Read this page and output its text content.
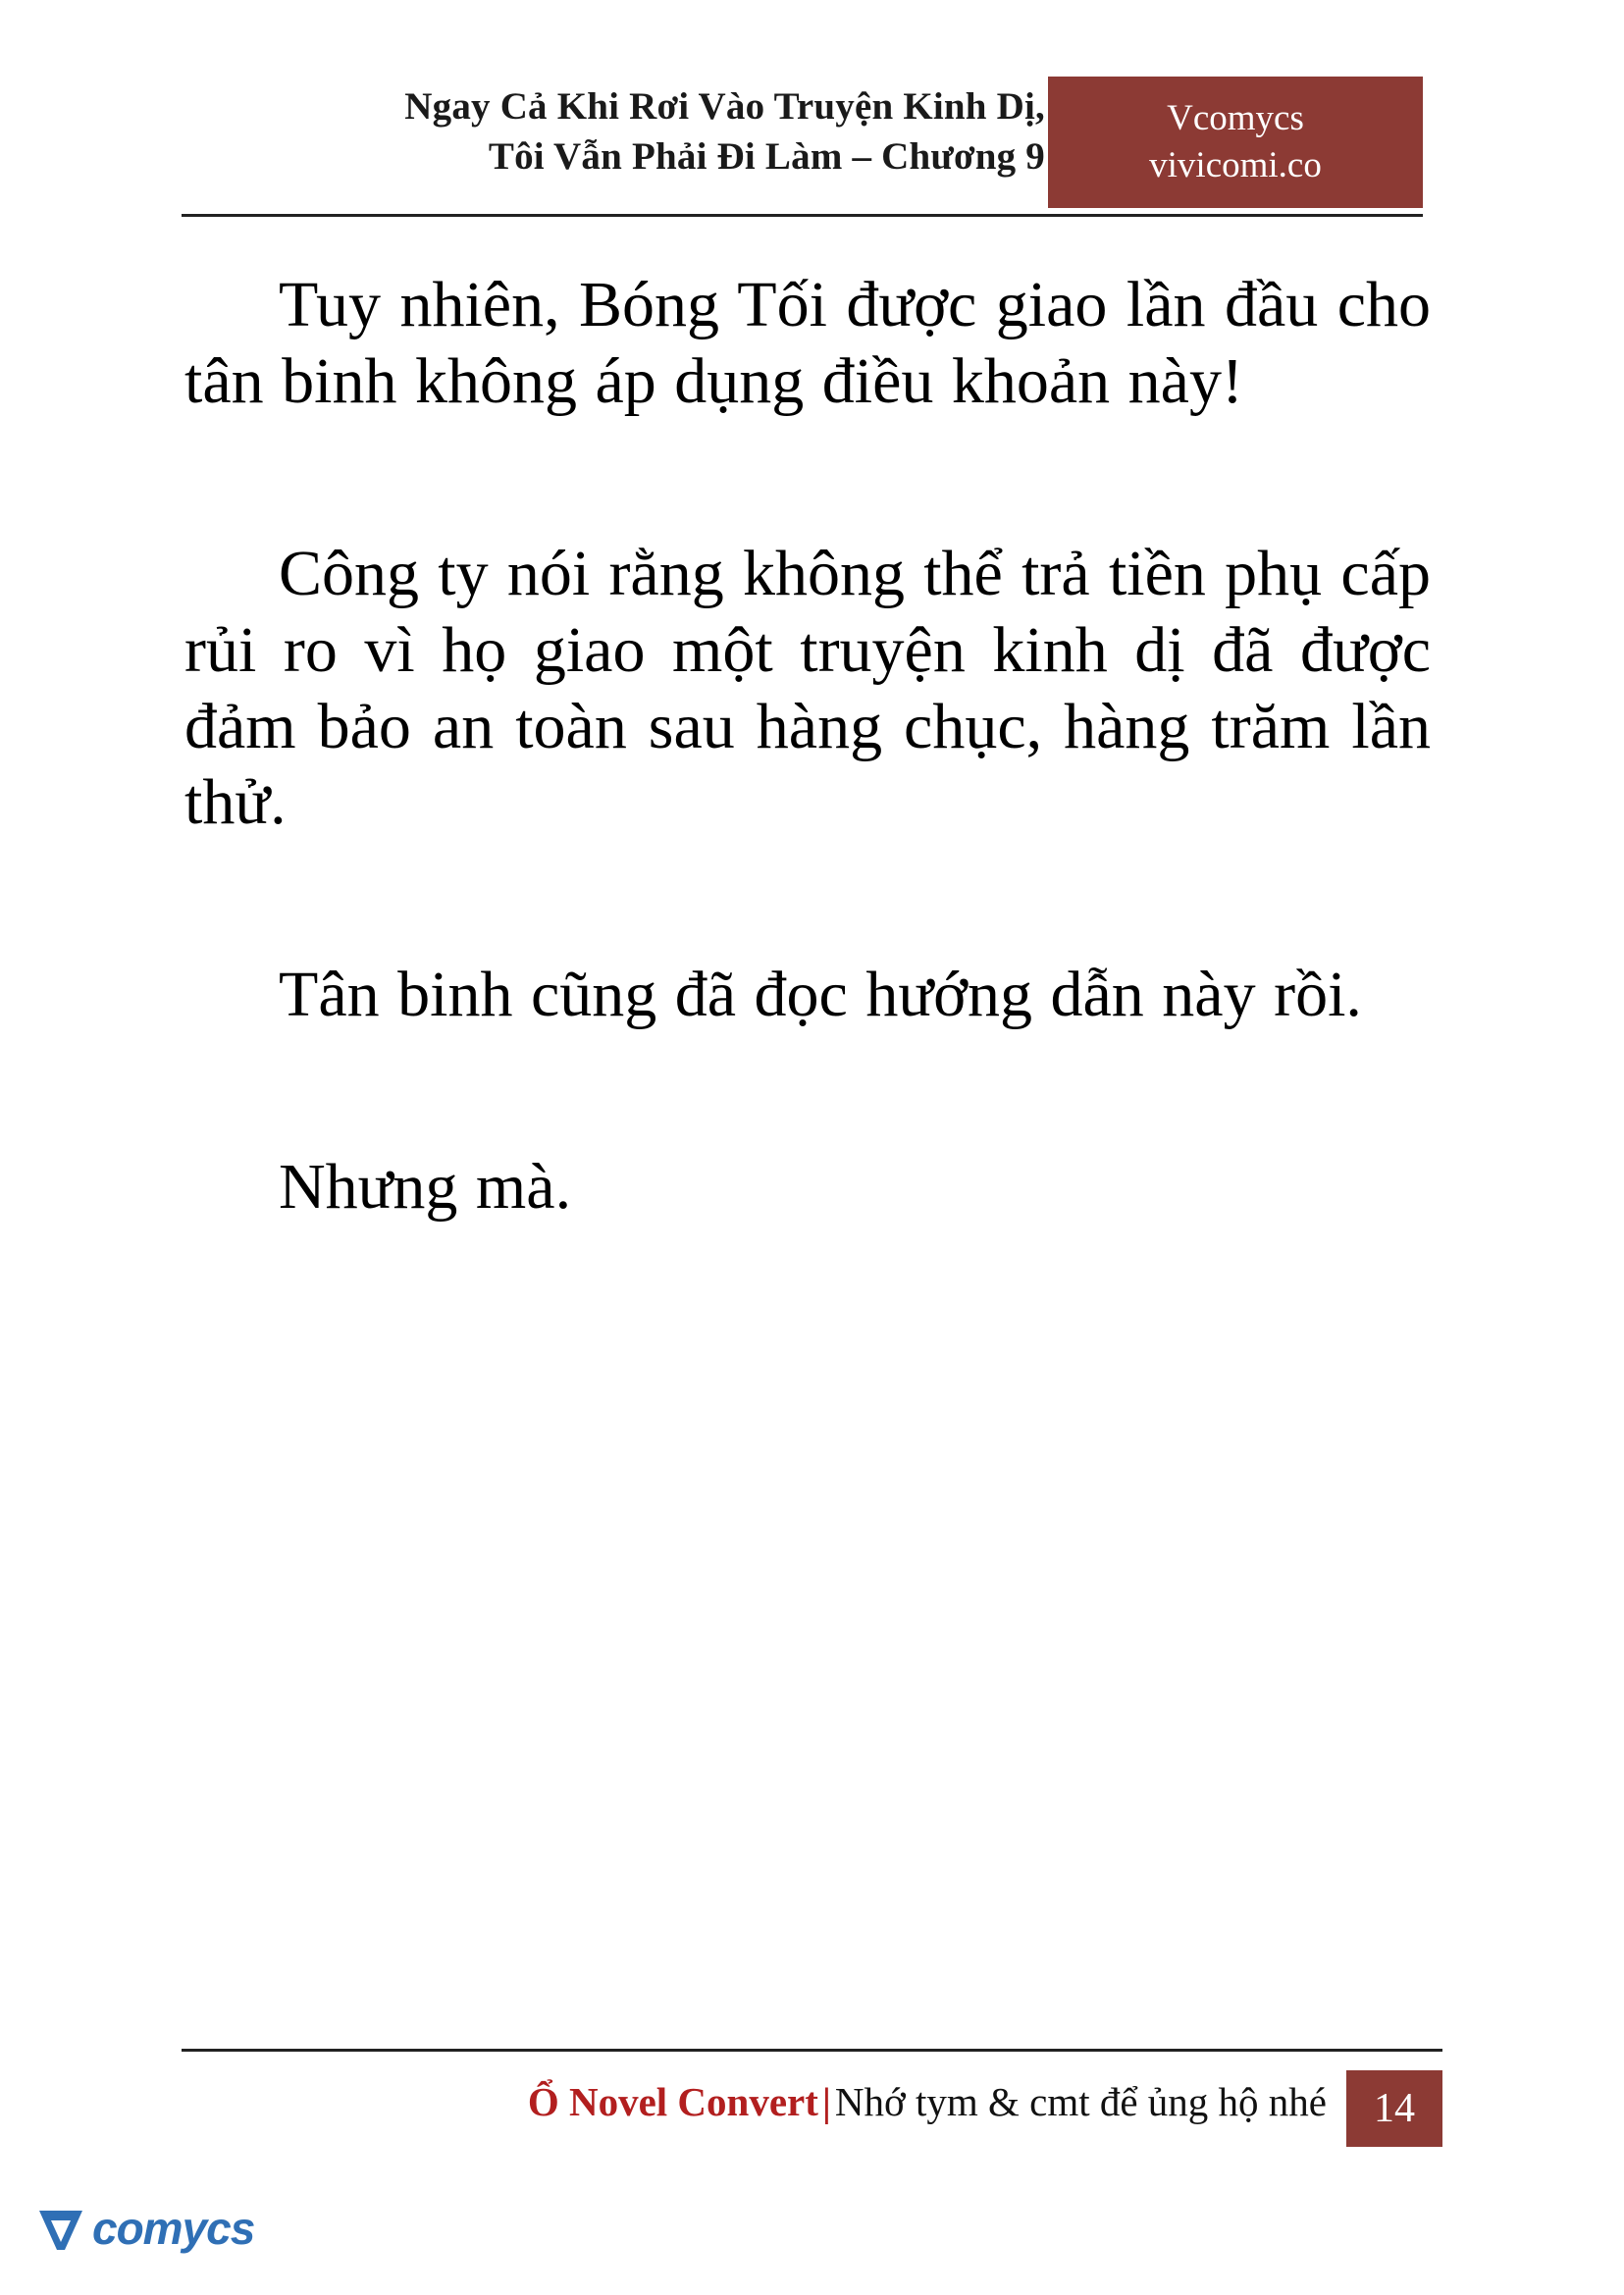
Ngay Cả Khi Rơi Vào Truyện Kinh Dị,
Tôi Vẫn Phải Đi Làm – Chương 9
Vcomycs
vivicomi.co

Tuy nhiên, Bóng Tối được giao lần đầu cho tân binh không áp dụng điều khoản này!

Công ty nói rằng không thể trả tiền phụ cấp rủi ro vì họ giao một truyện kinh dị đã được đảm bảo an toàn sau hàng chục, hàng trăm lần thử.

Tân binh cũng đã đọc hướng dẫn này rồi.

Nhưng mà.

Ổ Novel Convert|Nhớ tym & cmt để ủng hộ nhé	14
comycs
